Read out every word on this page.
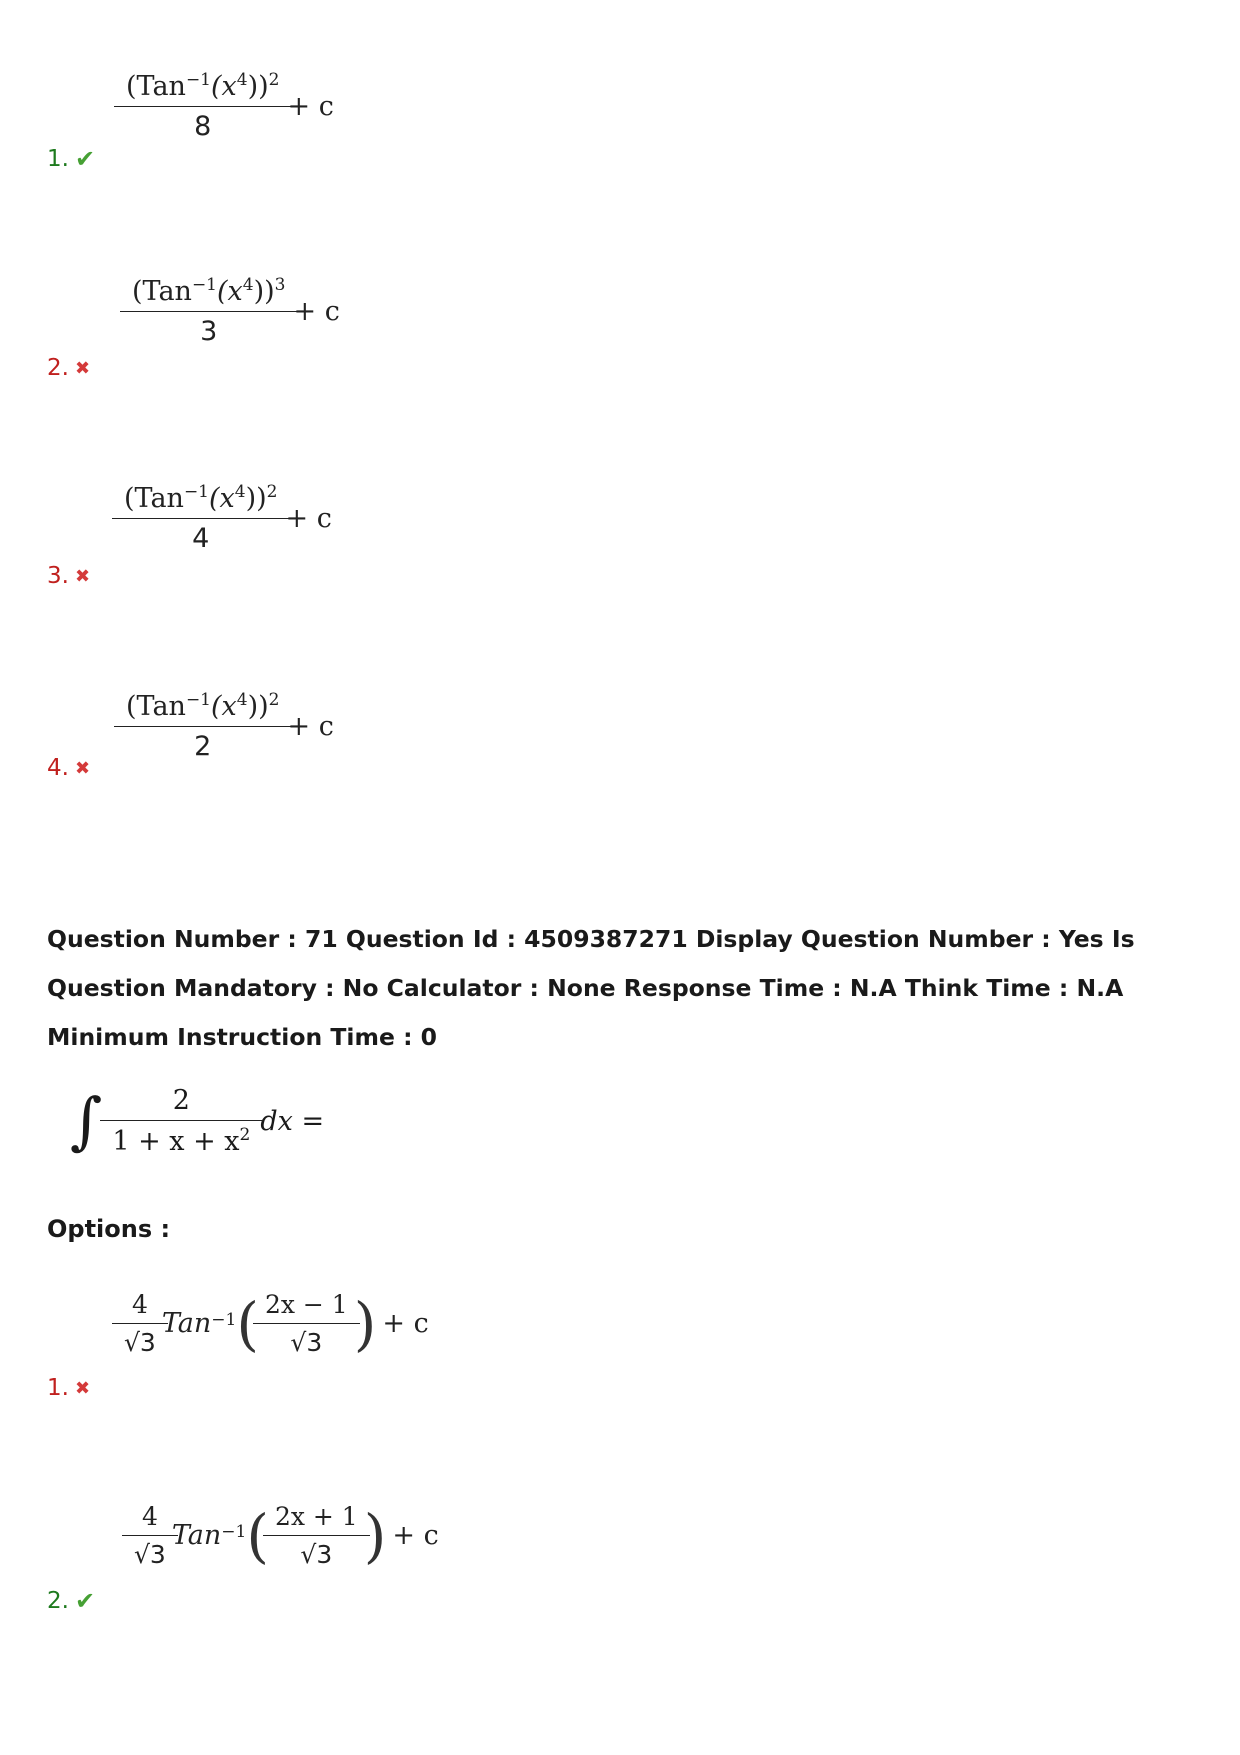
$\frac{(Tan^{-1}(x^4))^2}{8} + c$
1. ✔
$\frac{(Tan^{-1}(x^4))^3}{3} + c$
2. ✖
$\frac{(Tan^{-1}(x^4))^2}{4} + c$
3. ✖
$\frac{(Tan^{-1}(x^4))^2}{2} + c$
4. ✖
Question Number : 71 Question Id : 4509387271 Display Question Number : Yes Is Question Mandatory : No Calculator : None Response Time : N.A Think Time : N.A Minimum Instruction Time : 0
∫ $\frac{2}{1 + x + x^2}$ dx =
Options :
$\frac{4}{√3}$ Tan −1 ( $\frac{2x - 1}{√3}$ ) + c
1. ✖
$\frac{4}{√3}$ Tan −1 ( $\frac{2x + 1}{√3}$ ) + c
2. ✔
